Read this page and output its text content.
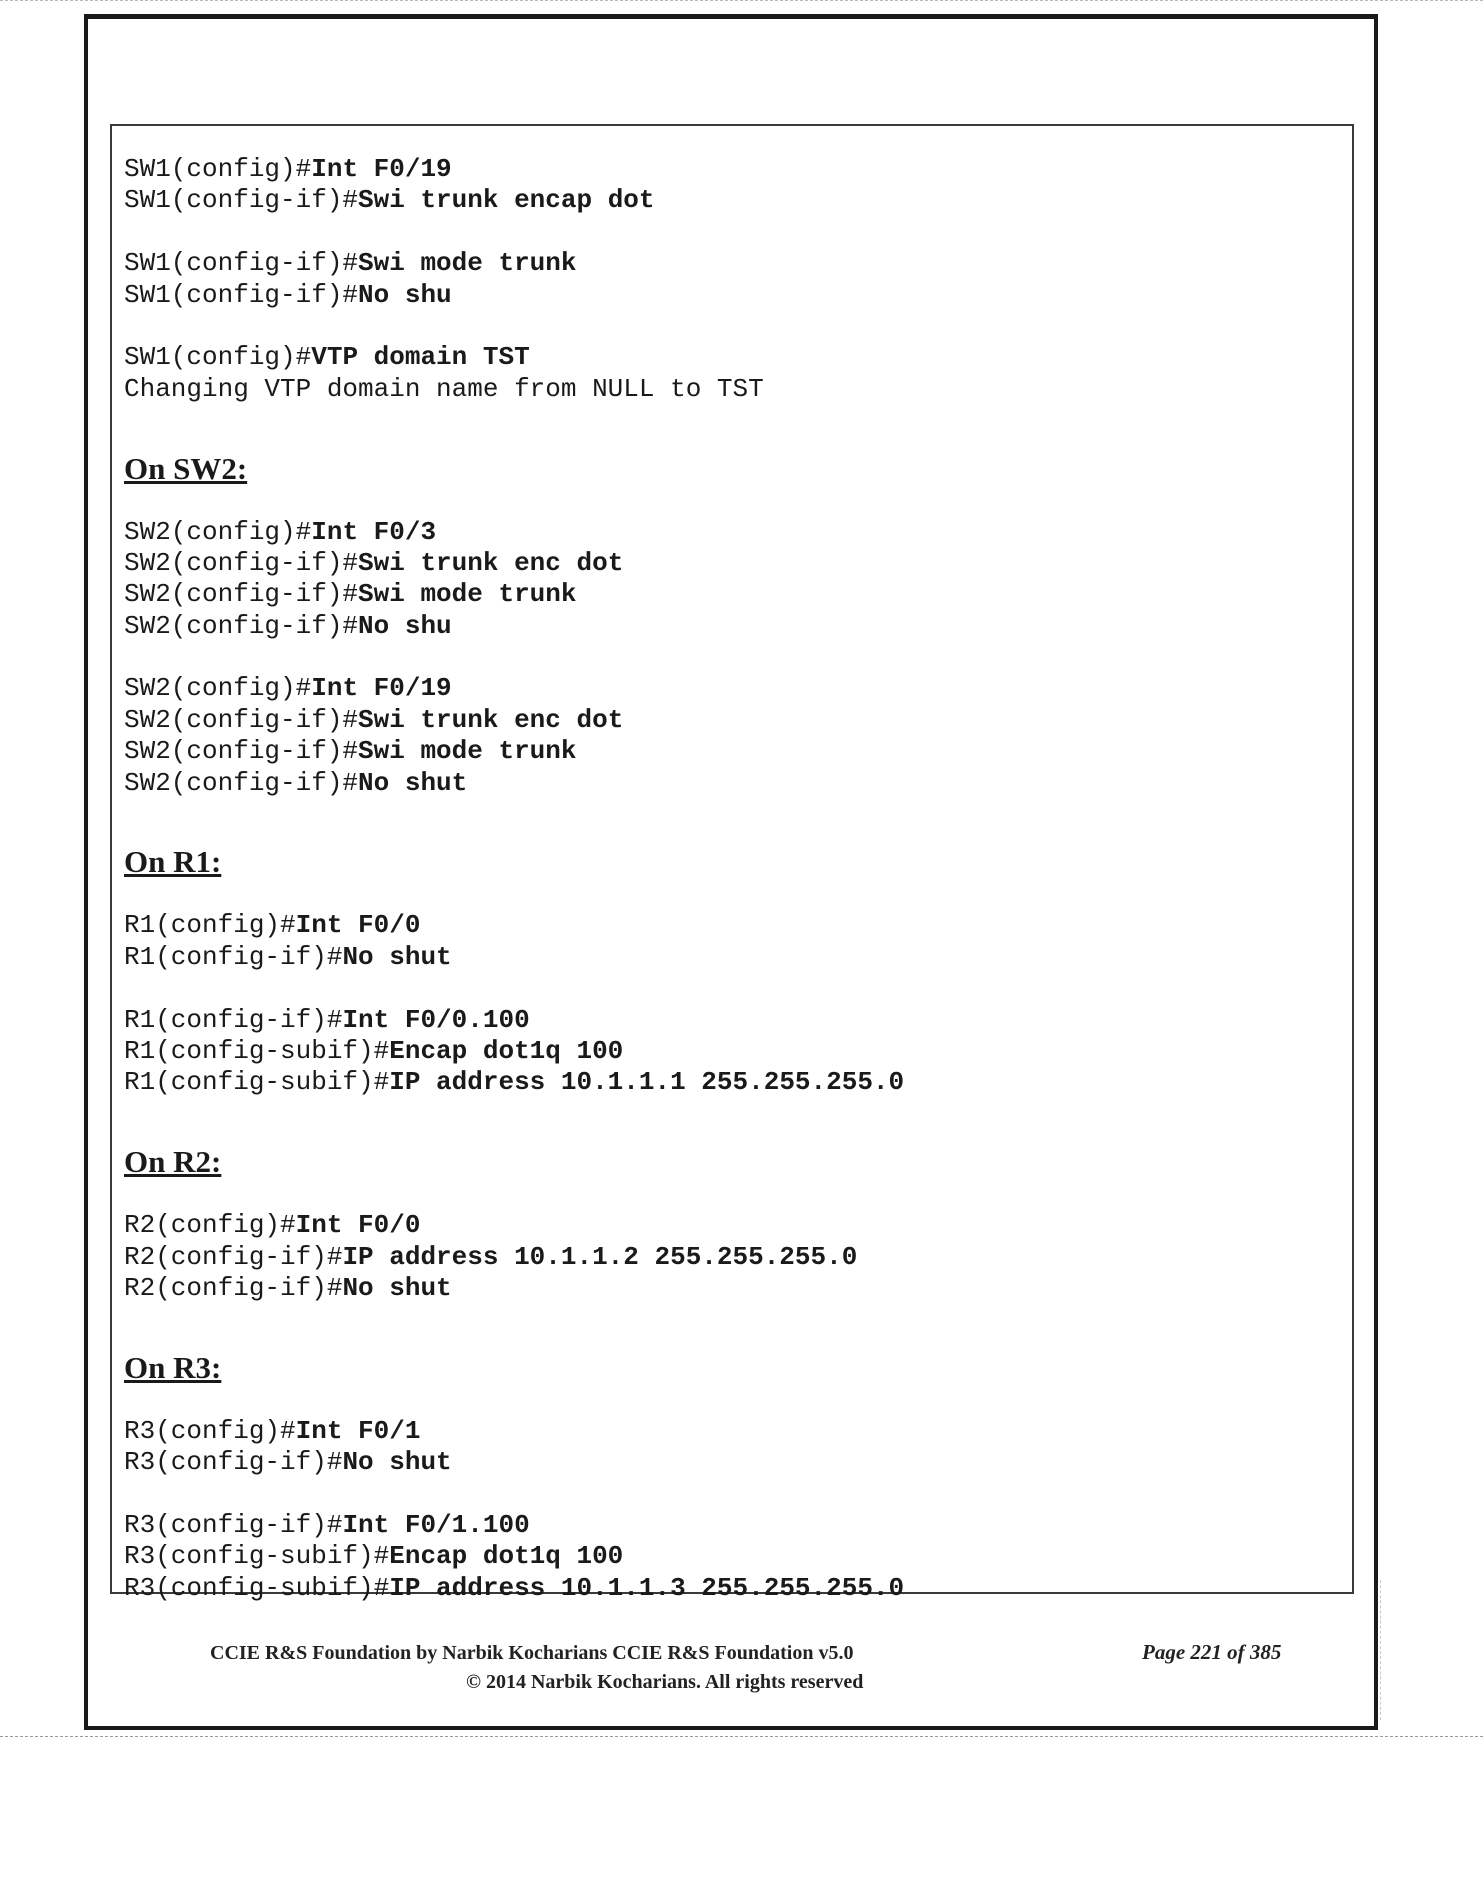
SW1(config)#Int F0/19
SW1(config-if)#Swi trunk encap dot
SW1(config-if)#Swi mode trunk
SW1(config-if)#No shu
SW1(config)#VTP domain TST
Changing VTP domain name from NULL to TST
On SW2:
SW2(config)#Int F0/3
SW2(config-if)#Swi trunk enc dot
SW2(config-if)#Swi mode trunk
SW2(config-if)#No shu
SW2(config)#Int F0/19
SW2(config-if)#Swi trunk enc dot
SW2(config-if)#Swi mode trunk
SW2(config-if)#No shut
On R1:
R1(config)#Int F0/0
R1(config-if)#No shut
R1(config-if)#Int F0/0.100
R1(config-subif)#Encap dot1q 100
R1(config-subif)#IP address 10.1.1.1 255.255.255.0
On R2:
R2(config)#Int F0/0
R2(config-if)#IP address 10.1.1.2 255.255.255.0
R2(config-if)#No shut
On R3:
R3(config)#Int F0/1
R3(config-if)#No shut
R3(config-if)#Int F0/1.100
R3(config-subif)#Encap dot1q 100
R3(config-subif)#IP address 10.1.1.3 255.255.255.0
CCIE R&S Foundation by Narbik Kocharians CCIE R&S Foundation v5.0	Page 221 of 385
© 2014 Narbik Kocharians. All rights reserved
